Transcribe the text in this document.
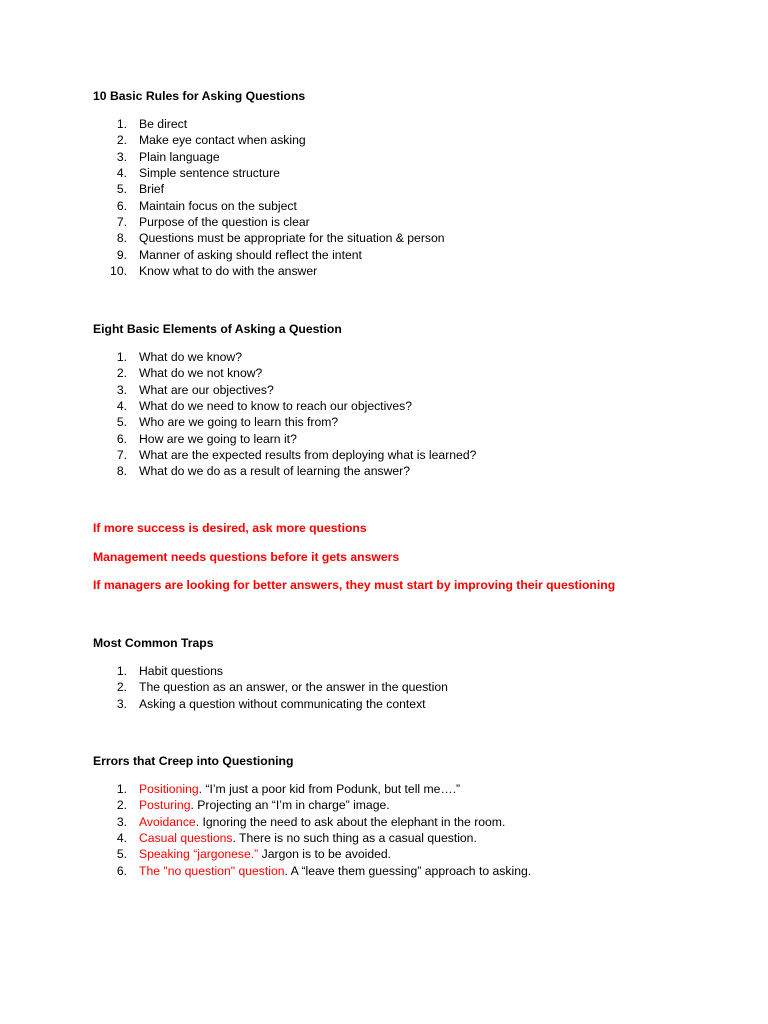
10 Basic Rules for Asking Questions
1. Be direct
2. Make eye contact when asking
3. Plain language
4. Simple sentence structure
5. Brief
6. Maintain focus on the subject
7. Purpose of the question is clear
8. Questions must be appropriate for the situation & person
9. Manner of asking should reflect the intent
10. Know what to do with the answer
Eight Basic Elements of Asking a Question
1. What do we know?
2. What do we not know?
3. What are our objectives?
4. What do we need to know to reach our objectives?
5. Who are we going to learn this from?
6. How are we going to learn it?
7. What are the expected results from deploying what is learned?
8. What do we do as a result of learning the answer?
If more success is desired, ask more questions
Management needs questions before it gets answers
If managers are looking for better answers, they must start by improving their questioning
Most Common Traps
1. Habit questions
2. The question as an answer, or the answer in the question
3. Asking a question without communicating the context
Errors that Creep into Questioning
1. Positioning. “I’m just a poor kid from Podunk, but tell me….”
2. Posturing. Projecting an “I’m in charge” image.
3. Avoidance. Ignoring the need to ask about the elephant in the room.
4. Casual questions. There is no such thing as a casual question.
5. Speaking “jargonese.” Jargon is to be avoided.
6. The "no question" question. A “leave them guessing” approach to asking.
